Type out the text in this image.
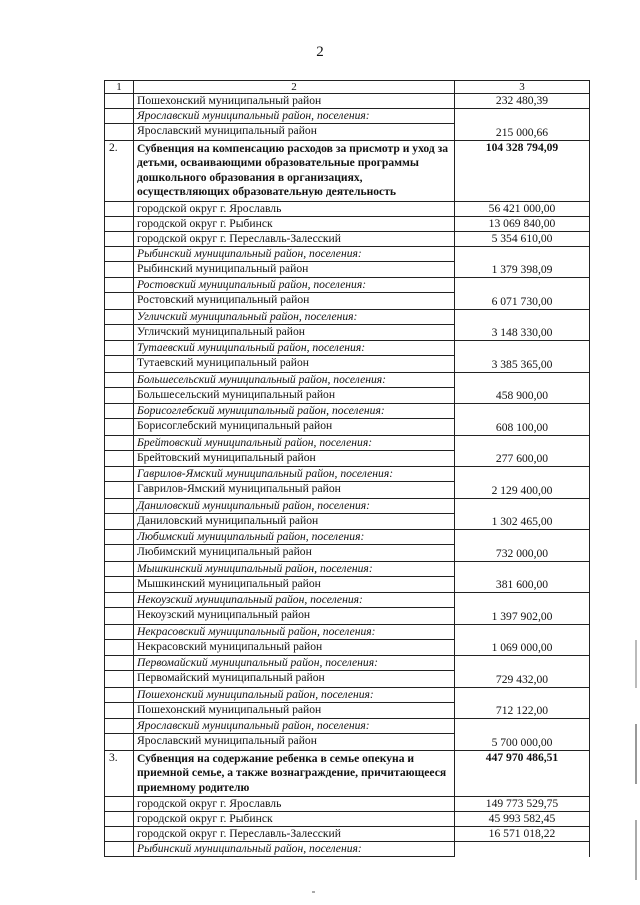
2
1	2	3
	Пошехонский муниципальный район	232 480,39
	Ярославский муниципальный район, поселения:	
	Ярославский муниципальный район	215 000,66
2.	Субвенция на компенсацию расходов за присмотр и уход за детьми, осваивающими образовательные программы дошкольного образования в организациях, осуществляющих образовательную деятельность	104 328 794,09
	городской округ г. Ярославль	56 421 000,00
	городской округ г. Рыбинск	13 069 840,00
	городской округ г. Переславль-Залесский	5 354 610,00
	Рыбинский муниципальный район, поселения:	
	Рыбинский муниципальный район	1 379 398,09
	Ростовский муниципальный район, поселения:	
	Ростовский муниципальный район	6 071 730,00
	Угличский муниципальный район, поселения:	
	Угличский муниципальный район	3 148 330,00
	Тутаевский муниципальный район, поселения:	
	Тутаевский муниципальный район	3 385 365,00
	Большесельский муниципальный район, поселения:	
	Большесельский муниципальный район	458 900,00
	Борисоглебский муниципальный район, поселения:	
	Борисоглебский муниципальный район	608 100,00
	Брейтовский муниципальный район, поселения:	
	Брейтовский муниципальный район	277 600,00
	Гаврилов-Ямский муниципальный район, поселения:	
	Гаврилов-Ямский муниципальный район	2 129 400,00
	Даниловский муниципальный район, поселения:	
	Даниловский муниципальный район	1 302 465,00
	Любимский муниципальный район, поселения:	
	Любимский муниципальный район	732 000,00
	Мышкинский муниципальный район, поселения:	
	Мышкинский муниципальный район	381 600,00
	Некоузский муниципальный район, поселения:	
	Некоузский муниципальный район	1 397 902,00
	Некрасовский муниципальный район, поселения:	
	Некрасовский муниципальный район	1 069 000,00
	Первомайский муниципальный район, поселения:	
	Первомайский муниципальный район	729 432,00
	Пошехонский муниципальный район, поселения:	
	Пошехонский муниципальный район	712 122,00
	Ярославский муниципальный район, поселения:	
	Ярославский муниципальный район	5 700 000,00
3.	Субвенция на содержание ребенка в семье опекуна и приемной семье, а также вознаграждение, причитающееся приемному родителю	447 970 486,51
	городской округ г. Ярославль	149 773 529,75
	городской округ г. Рыбинск	45 993 582,45
	городской округ г. Переславль-Залесский	16 571 018,22
	Рыбинский муниципальный район, поселения:	
